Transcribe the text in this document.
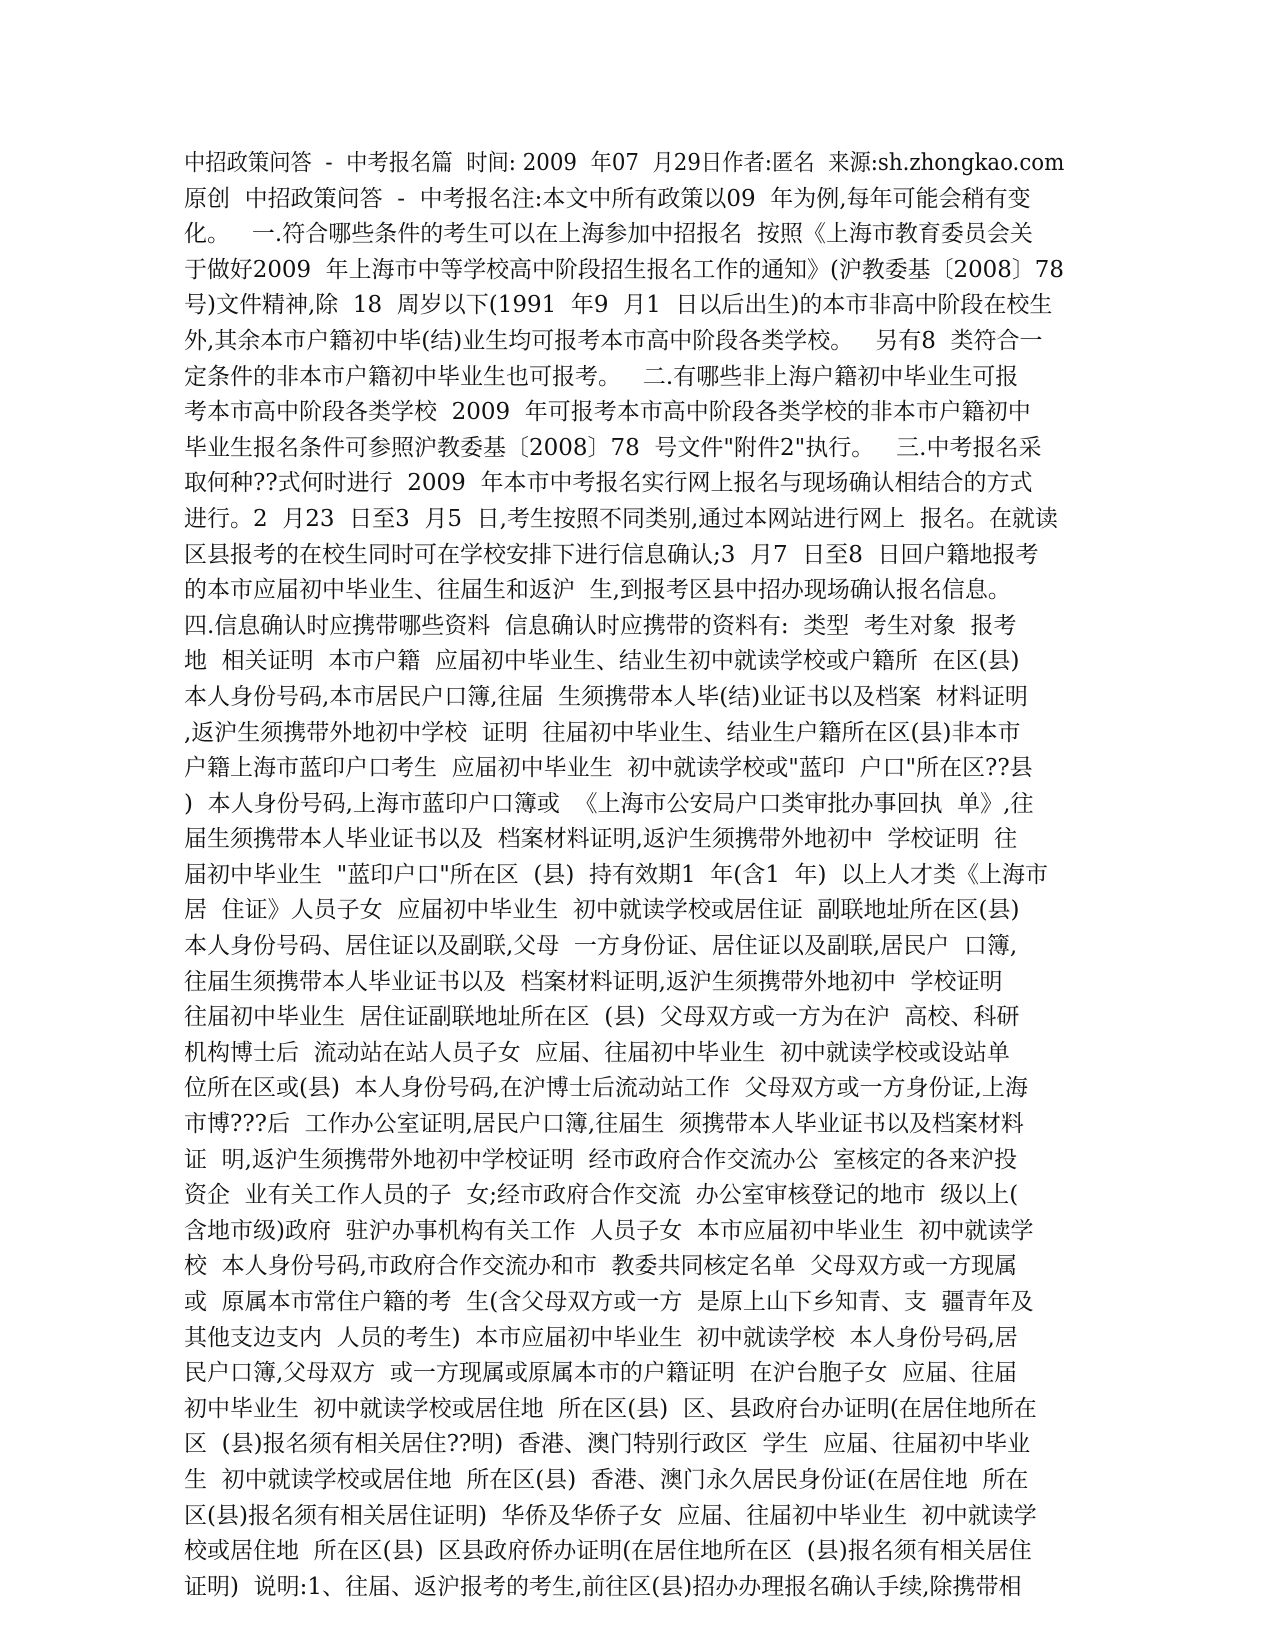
中招政策问答  -  中考报名篇  时间: 2009  年07  月29日作者:匿名  来源:sh.zhongkao.com
原创  中招政策问答  -  中考报名注:本文中所有政策以09  年为例,每年可能会稍有变
化。   一.符合哪些条件的考生可以在上海参加中招报名  按照《上海市教育委员会关
于做好2009  年上海市中等学校高中阶段招生报名工作的通知》(沪教委基〔2008〕78
号)文件精神,除  18  周岁以下(1991  年9  月1  日以后出生)的本市非高中阶段在校生
外,其余本市户籍初中毕(结)业生均可报考本市高中阶段各类学校。   另有8  类符合一
定条件的非本市户籍初中毕业生也可报考。   二.有哪些非上海户籍初中毕业生可报
考本市高中阶段各类学校  2009  年可报考本市高中阶段各类学校的非本市户籍初中
毕业生报名条件可参照沪教委基〔2008〕78  号文件"附件2"执行。   三.中考报名采
取何种??式何时进行  2009  年本市中考报名实行网上报名与现场确认相结合的方式
进行。2  月23  日至3  月5  日,考生按照不同类别,通过本网站进行网上  报名。在就读
区县报考的在校生同时可在学校安排下进行信息确认;3  月7  日至8  日回户籍地报考
的本市应届初中毕业生、往届生和返沪  生,到报考区县中招办现场确认报名信息。
四.信息确认时应携带哪些资料  信息确认时应携带的资料有:  类型  考生对象  报考
地  相关证明  本市户籍  应届初中毕业生、结业生初中就读学校或户籍所  在区(县)
本人身份号码,本市居民户口簿,往届  生须携带本人毕(结)业证书以及档案  材料证明
,返沪生须携带外地初中学校  证明  往届初中毕业生、结业生户籍所在区(县)非本市
户籍上海市蓝印户口考生  应届初中毕业生  初中就读学校或"蓝印  户口"所在区??县
)  本人身份号码,上海市蓝印户口簿或  《上海市公安局户口类审批办事回执  单》,往
届生须携带本人毕业证书以及  档案材料证明,返沪生须携带外地初中  学校证明  往
届初中毕业生  "蓝印户口"所在区  (县)  持有效期1  年(含1  年)  以上人才类《上海市
居  住证》人员子女  应届初中毕业生  初中就读学校或居住证  副联地址所在区(县)
本人身份号码、居住证以及副联,父母  一方身份证、居住证以及副联,居民户  口簿,
往届生须携带本人毕业证书以及  档案材料证明,返沪生须携带外地初中  学校证明
往届初中毕业生  居住证副联地址所在区  (县)  父母双方或一方为在沪  高校、科研
机构博士后  流动站在站人员子女  应届、往届初中毕业生  初中就读学校或设站单
位所在区或(县)  本人身份号码,在沪博士后流动站工作  父母双方或一方身份证,上海
市博???后  工作办公室证明,居民户口簿,往届生  须携带本人毕业证书以及档案材料
证  明,返沪生须携带外地初中学校证明  经市政府合作交流办公  室核定的各来沪投
资企  业有关工作人员的子  女;经市政府合作交流  办公室审核登记的地市  级以上(
含地市级)政府  驻沪办事机构有关工作  人员子女  本市应届初中毕业生  初中就读学
校  本人身份号码,市政府合作交流办和市  教委共同核定名单  父母双方或一方现属
或  原属本市常住户籍的考  生(含父母双方或一方  是原上山下乡知青、支  疆青年及
其他支边支内  人员的考生)  本市应届初中毕业生  初中就读学校  本人身份号码,居
民户口簿,父母双方  或一方现属或原属本市的户籍证明  在沪台胞子女  应届、往届
初中毕业生  初中就读学校或居住地  所在区(县)  区、县政府台办证明(在居住地所在
区  (县)报名须有相关居住??明)  香港、澳门特别行政区  学生  应届、往届初中毕业
生  初中就读学校或居住地  所在区(县)  香港、澳门永久居民身份证(在居住地  所在
区(县)报名须有相关居住证明)  华侨及华侨子女  应届、往届初中毕业生  初中就读学
校或居住地  所在区(县)  区县政府侨办证明(在居住地所在区  (县)报名须有相关居住
证明)  说明:1、往届、返沪报考的考生,前往区(县)招办办理报名确认手续,除携带相
